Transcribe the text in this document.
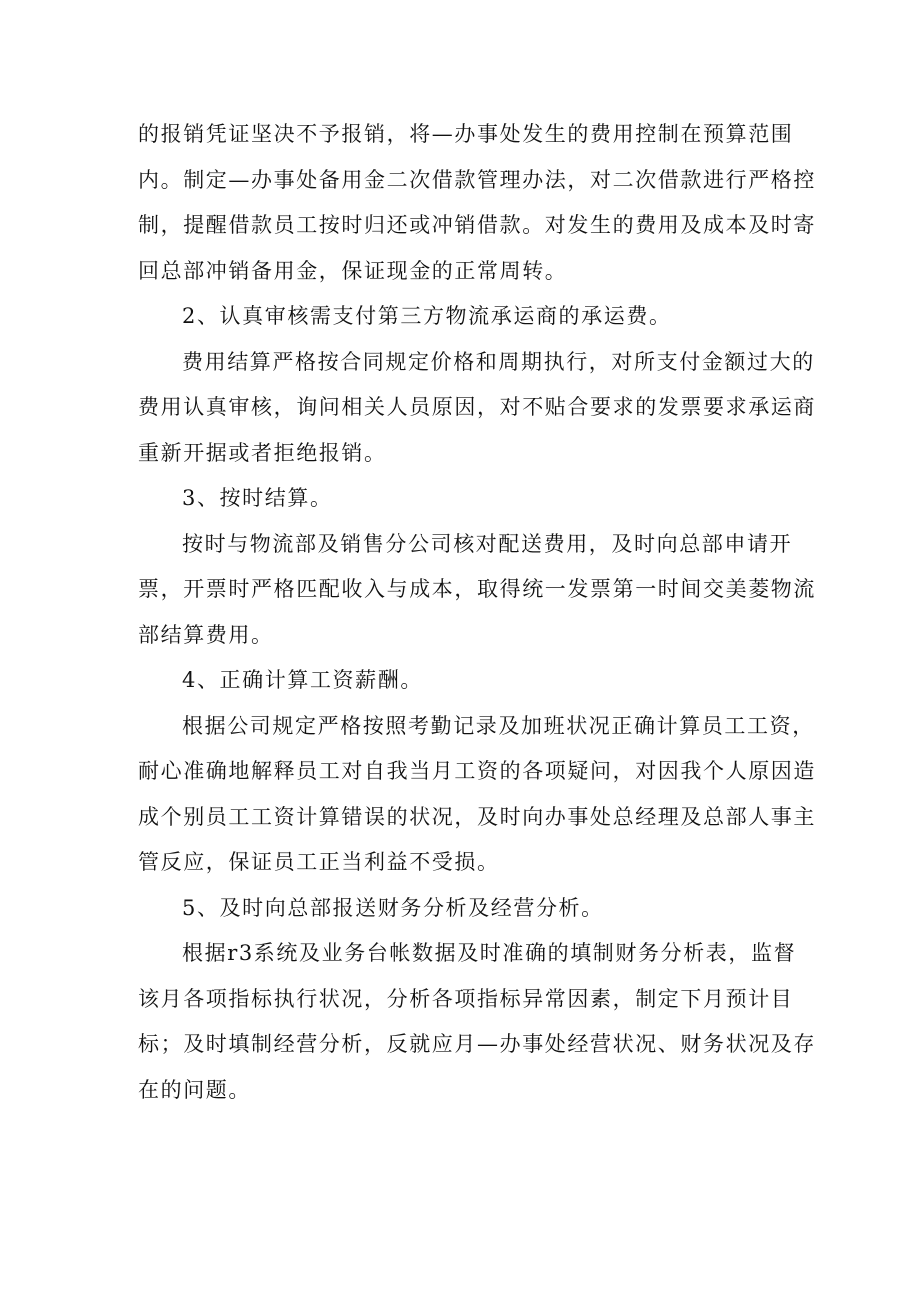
的报销凭证坚决不予报销，将—办事处发生的费用控制在预算范围
内。制定—办事处备用金二次借款管理办法，对二次借款进行严格控
制，提醒借款员工按时归还或冲销借款。对发生的费用及成本及时寄
回总部冲销备用金，保证现金的正常周转。
2、认真审核需支付第三方物流承运商的承运费。
费用结算严格按合同规定价格和周期执行，对所支付金额过大的
费用认真审核，询问相关人员原因，对不贴合要求的发票要求承运商
重新开据或者拒绝报销。
3、按时结算。
按时与物流部及销售分公司核对配送费用，及时向总部申请开
票，开票时严格匹配收入与成本，取得统一发票第一时间交美菱物流
部结算费用。
4、正确计算工资薪酬。
根据公司规定严格按照考勤记录及加班状况正确计算员工工资，
耐心准确地解释员工对自我当月工资的各项疑问，对因我个人原因造
成个别员工工资计算错误的状况，及时向办事处总经理及总部人事主
管反应，保证员工正当利益不受损。
5、及时向总部报送财务分析及经营分析。
根据r3系统及业务台帐数据及时准确的填制财务分析表，监督
该月各项指标执行状况，分析各项指标异常因素，制定下月预计目
标；及时填制经营分析，反就应月—办事处经营状况、财务状况及存
在的问题。
